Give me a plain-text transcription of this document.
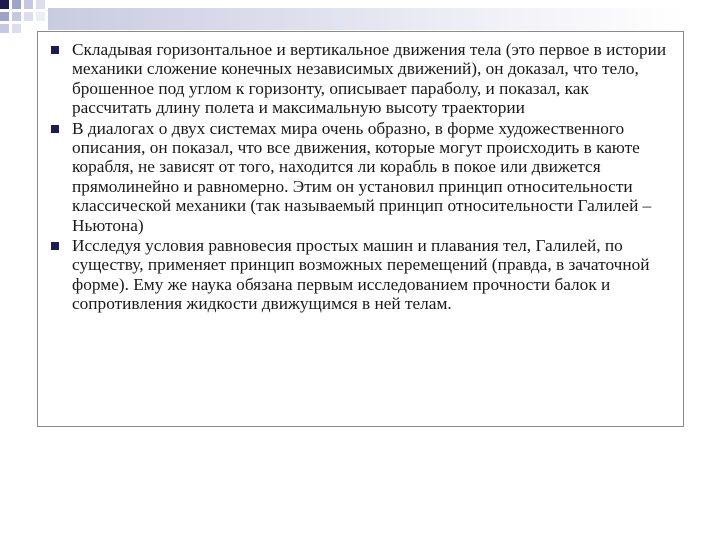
Складывая горизонтальное и вертикальное движения тела (это первое в истории механики сложение конечных независимых движений), он доказал, что тело, брошенное под углом к горизонту, описывает параболу, и показал, как рассчитать длину полета и максимальную высоту траектории
В диалогах о двух системах мира очень образно, в форме художественного описания, он показал, что все движения, которые могут происходить в каюте корабля, не зависят от того, находится ли корабль в покое или движется прямолинейно и равномерно. Этим он установил принцип относительности классической механики (так называемый принцип относительности Галилей – Ньютона)
Исследуя условия равновесия простых машин и плавания тел, Галилей, по существу, применяет принцип возможных перемещений (правда, в зачаточной форме). Ему же наука обязана первым исследованием прочности балок и сопротивления жидкости движущимся в ней телам.
